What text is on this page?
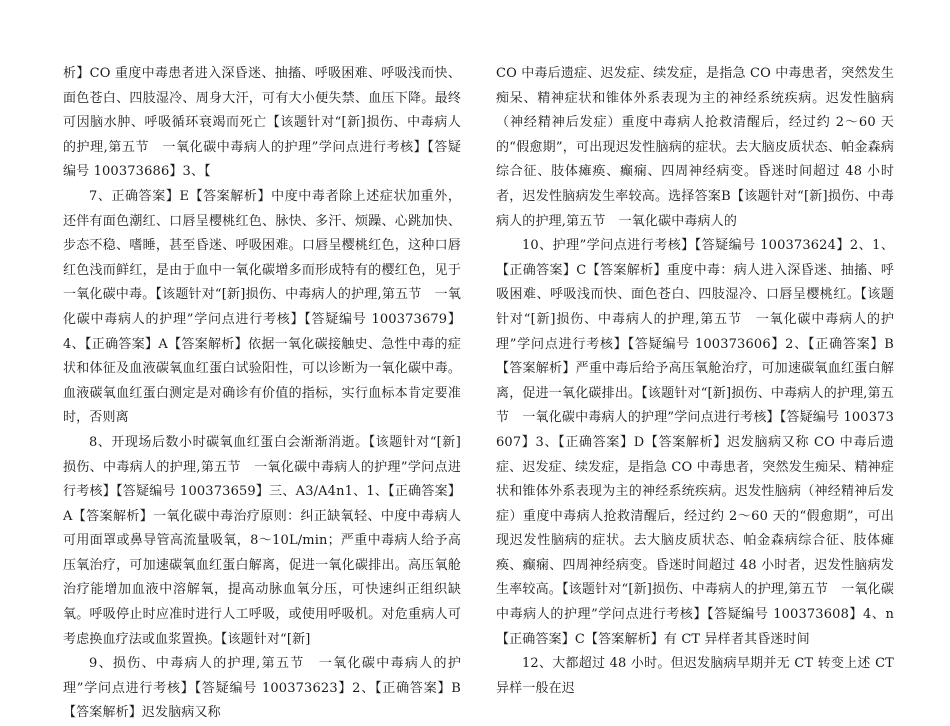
析】CO 重度中毒患者进入深昏迷、抽搐、呼吸困难、呼吸浅而快、面色苍白、四肢湿冷、周身大汗，可有大小便失禁、血压下降。最终可因脑水肿、呼吸循环衰竭而死亡【该题针对“[新]损伤、中毒病人的护理,第五节　一氧化碳中毒病人的护理”学问点进行考核】【答疑编号 100373686】3、【

7、正确答案】E【答案解析】中度中毒者除上述症状加重外，还伴有面色潮红、口唇呈樱桃红色、脉快、多汗、烦躁、心跳加快、步态不稳、嗜睡，甚至昏迷、呼吸困难。口唇呈樱桃红色，这种口唇红色浅而鲜红，是由于血中一氧化碳增多而形成特有的樱红色，见于一氧化碳中毒。【该题针对“[新]损伤、中毒病人的护理,第五节　一氧化碳中毒病人的护理”学问点进行考核】【答疑编号 100373679】4、【正确答案】A【答案解析】依据一氧化碳接触史、急性中毒的症状和体征及血液碳氧血红蛋白试验阳性，可以诊断为一氧化碳中毒。血液碳氧血红蛋白测定是对确诊有价值的指标，实行血标本肯定要准时，否则离

8、开现场后数小时碳氧血红蛋白会渐渐消逝。【该题针对“[新]损伤、中毒病人的护理,第五节　一氧化碳中毒病人的护理”学问点进行考核】【答疑编号 100373659】三、A3/A4n1、1、【正确答案】A【答案解析】一氧化碳中毒治疗原则：纠正缺氧轻、中度中毒病人可用面罩或鼻导管高流量吸氧，8～10L/min；严重中毒病人给予高压氧治疗，可加速碳氧血红蛋白解离，促进一氧化碳排出。高压氧舱治疗能增加血液中溶解氧，提高动脉血氧分压，可快速纠正组织缺氧。呼吸停止时应准时进行人工呼吸，或使用呼吸机。对危重病人可考虑换血疗法或血浆置换。【该题针对“[新]

9、损伤、中毒病人的护理,第五节　一氧化碳中毒病人的护理”学问点进行考核】【答疑编号 100373623】2、【正确答案】B【答案解析】迟发脑病又称

CO 中毒后遗症、迟发症、续发症，是指急 CO 中毒患者，突然发生痴呆、精神症状和锥体外系表现为主的神经系统疾病。迟发性脑病（神经精神后发症）重度中毒病人抢救清醒后，经过约 2～60 天的“假愈期”，可出现迟发性脑病的症状。去大脑皮质状态、帕金森病综合征、肢体瘫痪、癫痫、四周神经病变。昏迷时间超过 48 小时者，迟发性脑病发生率较高。选择答案B【该题针对“[新]损伤、中毒病人的护理,第五节　一氧化碳中毒病人的

10、护理”学问点进行考核】【答疑编号 100373624】2、1、【正确答案】C【答案解析】重度中毒：病人进入深昏迷、抽搐、呼吸困难、呼吸浅而快、面色苍白、四肢湿冷、口唇呈樱桃红。【该题针对“[新]损伤、中毒病人的护理,第五节　一氧化碳中毒病人的护理”学问点进行考核】【答疑编号 100373606】2、【正确答案】B【答案解析】严重中毒后给予高压氧舱治疗，可加速碳氧血红蛋白解离，促进一氧化碳排出。【该题针对“[新]损伤、中毒病人的护理,第五节　一氧化碳中毒病人的护理”学问点进行考核】【答疑编号 100373607】3、【正确答案】D【答案解析】迟发脑病又称 CO 中毒后遗症、迟发症、续发症，是指急 CO 中毒患者，突然发生痴呆、精神症状和锥体外系表现为主的神经系统疾病。迟发性脑病（神经精神后发症）重度中毒病人抢救清醒后，经过约 2～60 天的“假愈期”，可出现迟发性脑病的症状。去大脑皮质状态、帕金森病综合征、肢体瘫痪、癫痫、四周神经病变。昏迷时间超过 48 小时者，迟发性脑病发生率较高。【该题针对“[新]损伤、中毒病人的护理,第五节　一氧化碳中毒病人的护理”学问点进行考核】【答疑编号 100373608】4、n【正确答案】C【答案解析】有 CT 异样者其昏迷时间

12、大都超过 48 小时。但迟发脑病早期并无 CT 转变上述 CT 异样一般在迟
